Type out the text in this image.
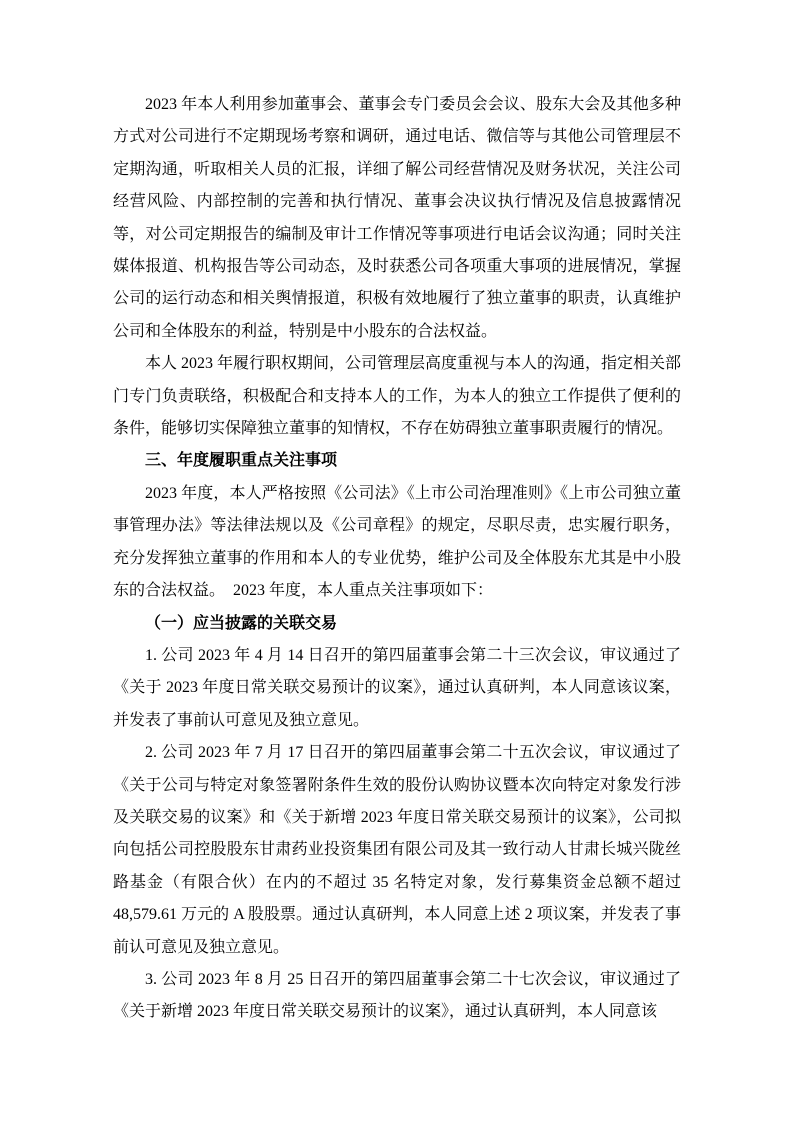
2023 年本人利用参加董事会、董事会专门委员会会议、股东大会及其他多种方式对公司进行不定期现场考察和调研，通过电话、微信等与其他公司管理层不定期沟通，听取相关人员的汇报，详细了解公司经营情况及财务状况，关注公司经营风险、内部控制的完善和执行情况、董事会决议执行情况及信息披露情况等，对公司定期报告的编制及审计工作情况等事项进行电话会议沟通；同时关注媒体报道、机构报告等公司动态，及时获悉公司各项重大事项的进展情况，掌握公司的运行动态和相关舆情报道，积极有效地履行了独立董事的职责，认真维护公司和全体股东的利益，特别是中小股东的合法权益。

本人 2023 年履行职权期间，公司管理层高度重视与本人的沟通，指定相关部门专门负责联络，积极配合和支持本人的工作，为本人的独立工作提供了便利的条件，能够切实保障独立董事的知情权，不存在妨碍独立董事职责履行的情况。

三、年度履职重点关注事项

2023 年度，本人严格按照《公司法》《上市公司治理准则》《上市公司独立董事管理办法》等法律法规以及《公司章程》的规定，尽职尽责，忠实履行职务，充分发挥独立董事的作用和本人的专业优势，维护公司及全体股东尤其是中小股东的合法权益。　2023 年度，本人重点关注事项如下：

（一）应当披露的关联交易

1. 公司 2023 年 4 月 14 日召开的第四届董事会第二十三次会议，审议通过了《关于 2023 年度日常关联交易预计的议案》，通过认真研判，本人同意该议案，并发表了事前认可意见及独立意见。

2. 公司 2023 年 7 月 17 日召开的第四届董事会第二十五次会议，审议通过了《关于公司与特定对象签署附条件生效的股份认购协议暨本次向特定对象发行涉及关联交易的议案》和《关于新增 2023 年度日常关联交易预计的议案》，公司拟向包括公司控股股东甘肃药业投资集团有限公司及其一致行动人甘肃长城兴陇丝路基金（有限合伙）在内的不超过 35 名特定对象，发行募集资金总额不超过 48,579.61 万元的 A 股股票。通过认真研判，本人同意上述 2 项议案，并发表了事前认可意见及独立意见。

3. 公司 2023 年 8 月 25 日召开的第四届董事会第二十七次会议，审议通过了《关于新增 2023 年度日常关联交易预计的议案》，通过认真研判，本人同意该
